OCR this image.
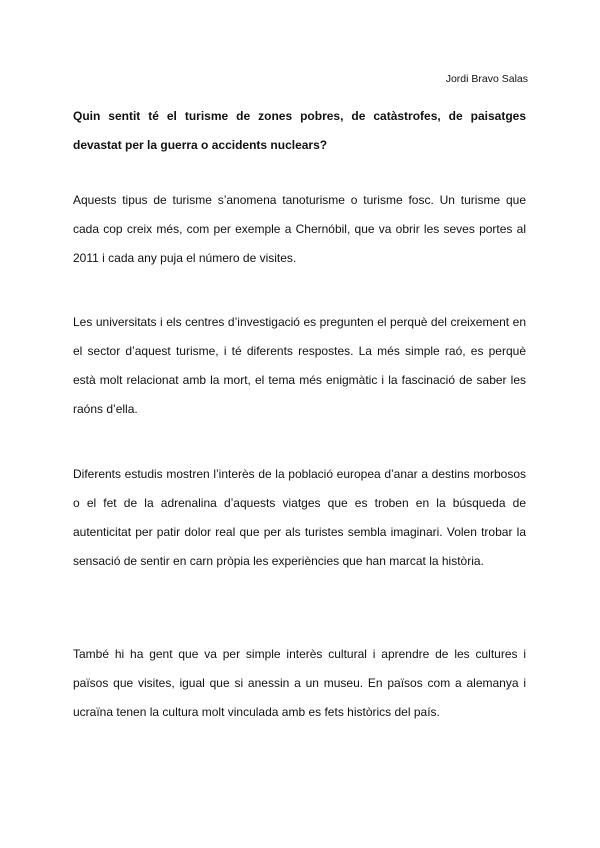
Jordi Bravo Salas

Quin sentit té el turisme de zones pobres, de catàstrofes, de paisatges devastat per la guerra o accidents nuclears?

Aquests tipus de turisme s’anomena tanoturisme o turisme fosc. Un turisme que cada cop creix més, com per exemple a Chernóbil, que va obrir les seves portes al 2011 i cada any puja el número de visites.

Les universitats i els centres d’investigació es pregunten el perquè del creixement en el sector d’aquest turisme, i té diferents respostes. La més simple raó, es perquè està molt relacionat amb la mort, el tema més enigmàtic i la fascinació de saber les raóns d’ella.

Diferents estudis mostren l’interès de la població europea d’anar a destins morbosos o el fet de la adrenalina d’aquests viatges que es troben en la búsqueda de autenticitat per patir dolor real que per als turistes sembla imaginari. Volen trobar la sensació de sentir en carn pròpia les experiències que han marcat la història.

També hi ha gent que va per simple interès cultural i aprendre de les cultures i països que visites, igual que si anessin a un museu. En països com a alemanya i ucraïna tenen la cultura molt vinculada amb es fets històrics del país.
